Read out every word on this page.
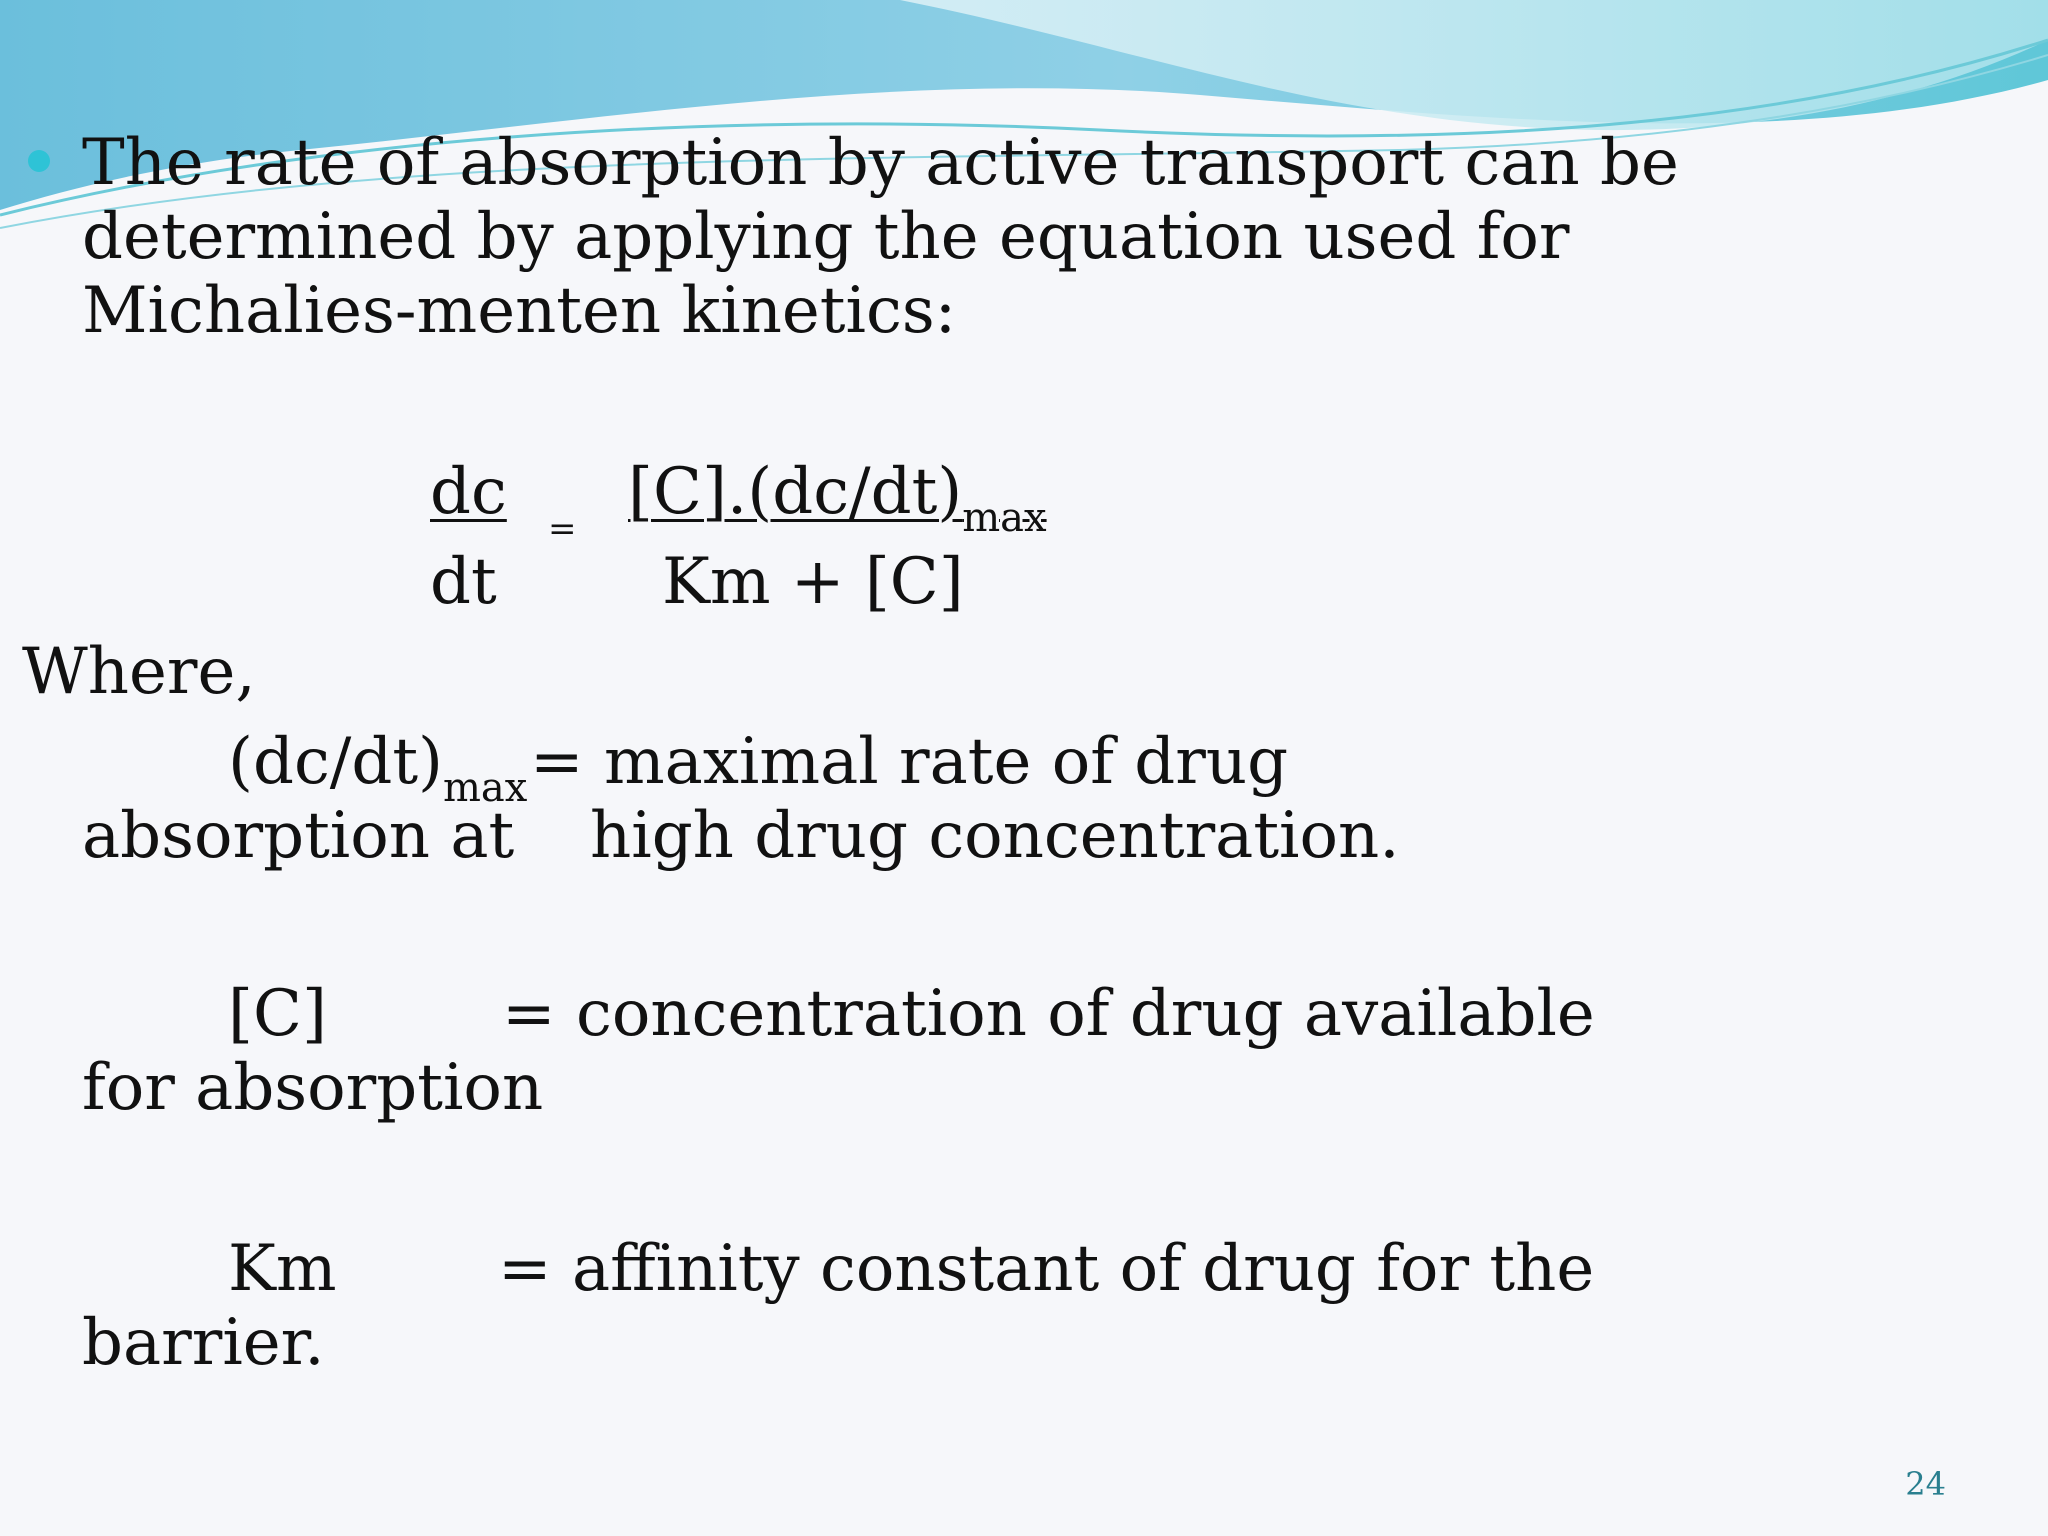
The rate of absorption by active transport can be
determined by applying the equation used for
Michalies-menten kinetics:
dc = $[C].(dc/dt)_{max}$
dt	Km + [C]
Where,
$(dc/dt)_{max}$ = maximal rate of drug
absorption at high drug concentration.
[C]	= concentration of drug available
for absorption
Km	= affinity constant of drug for the
barrier.
24
